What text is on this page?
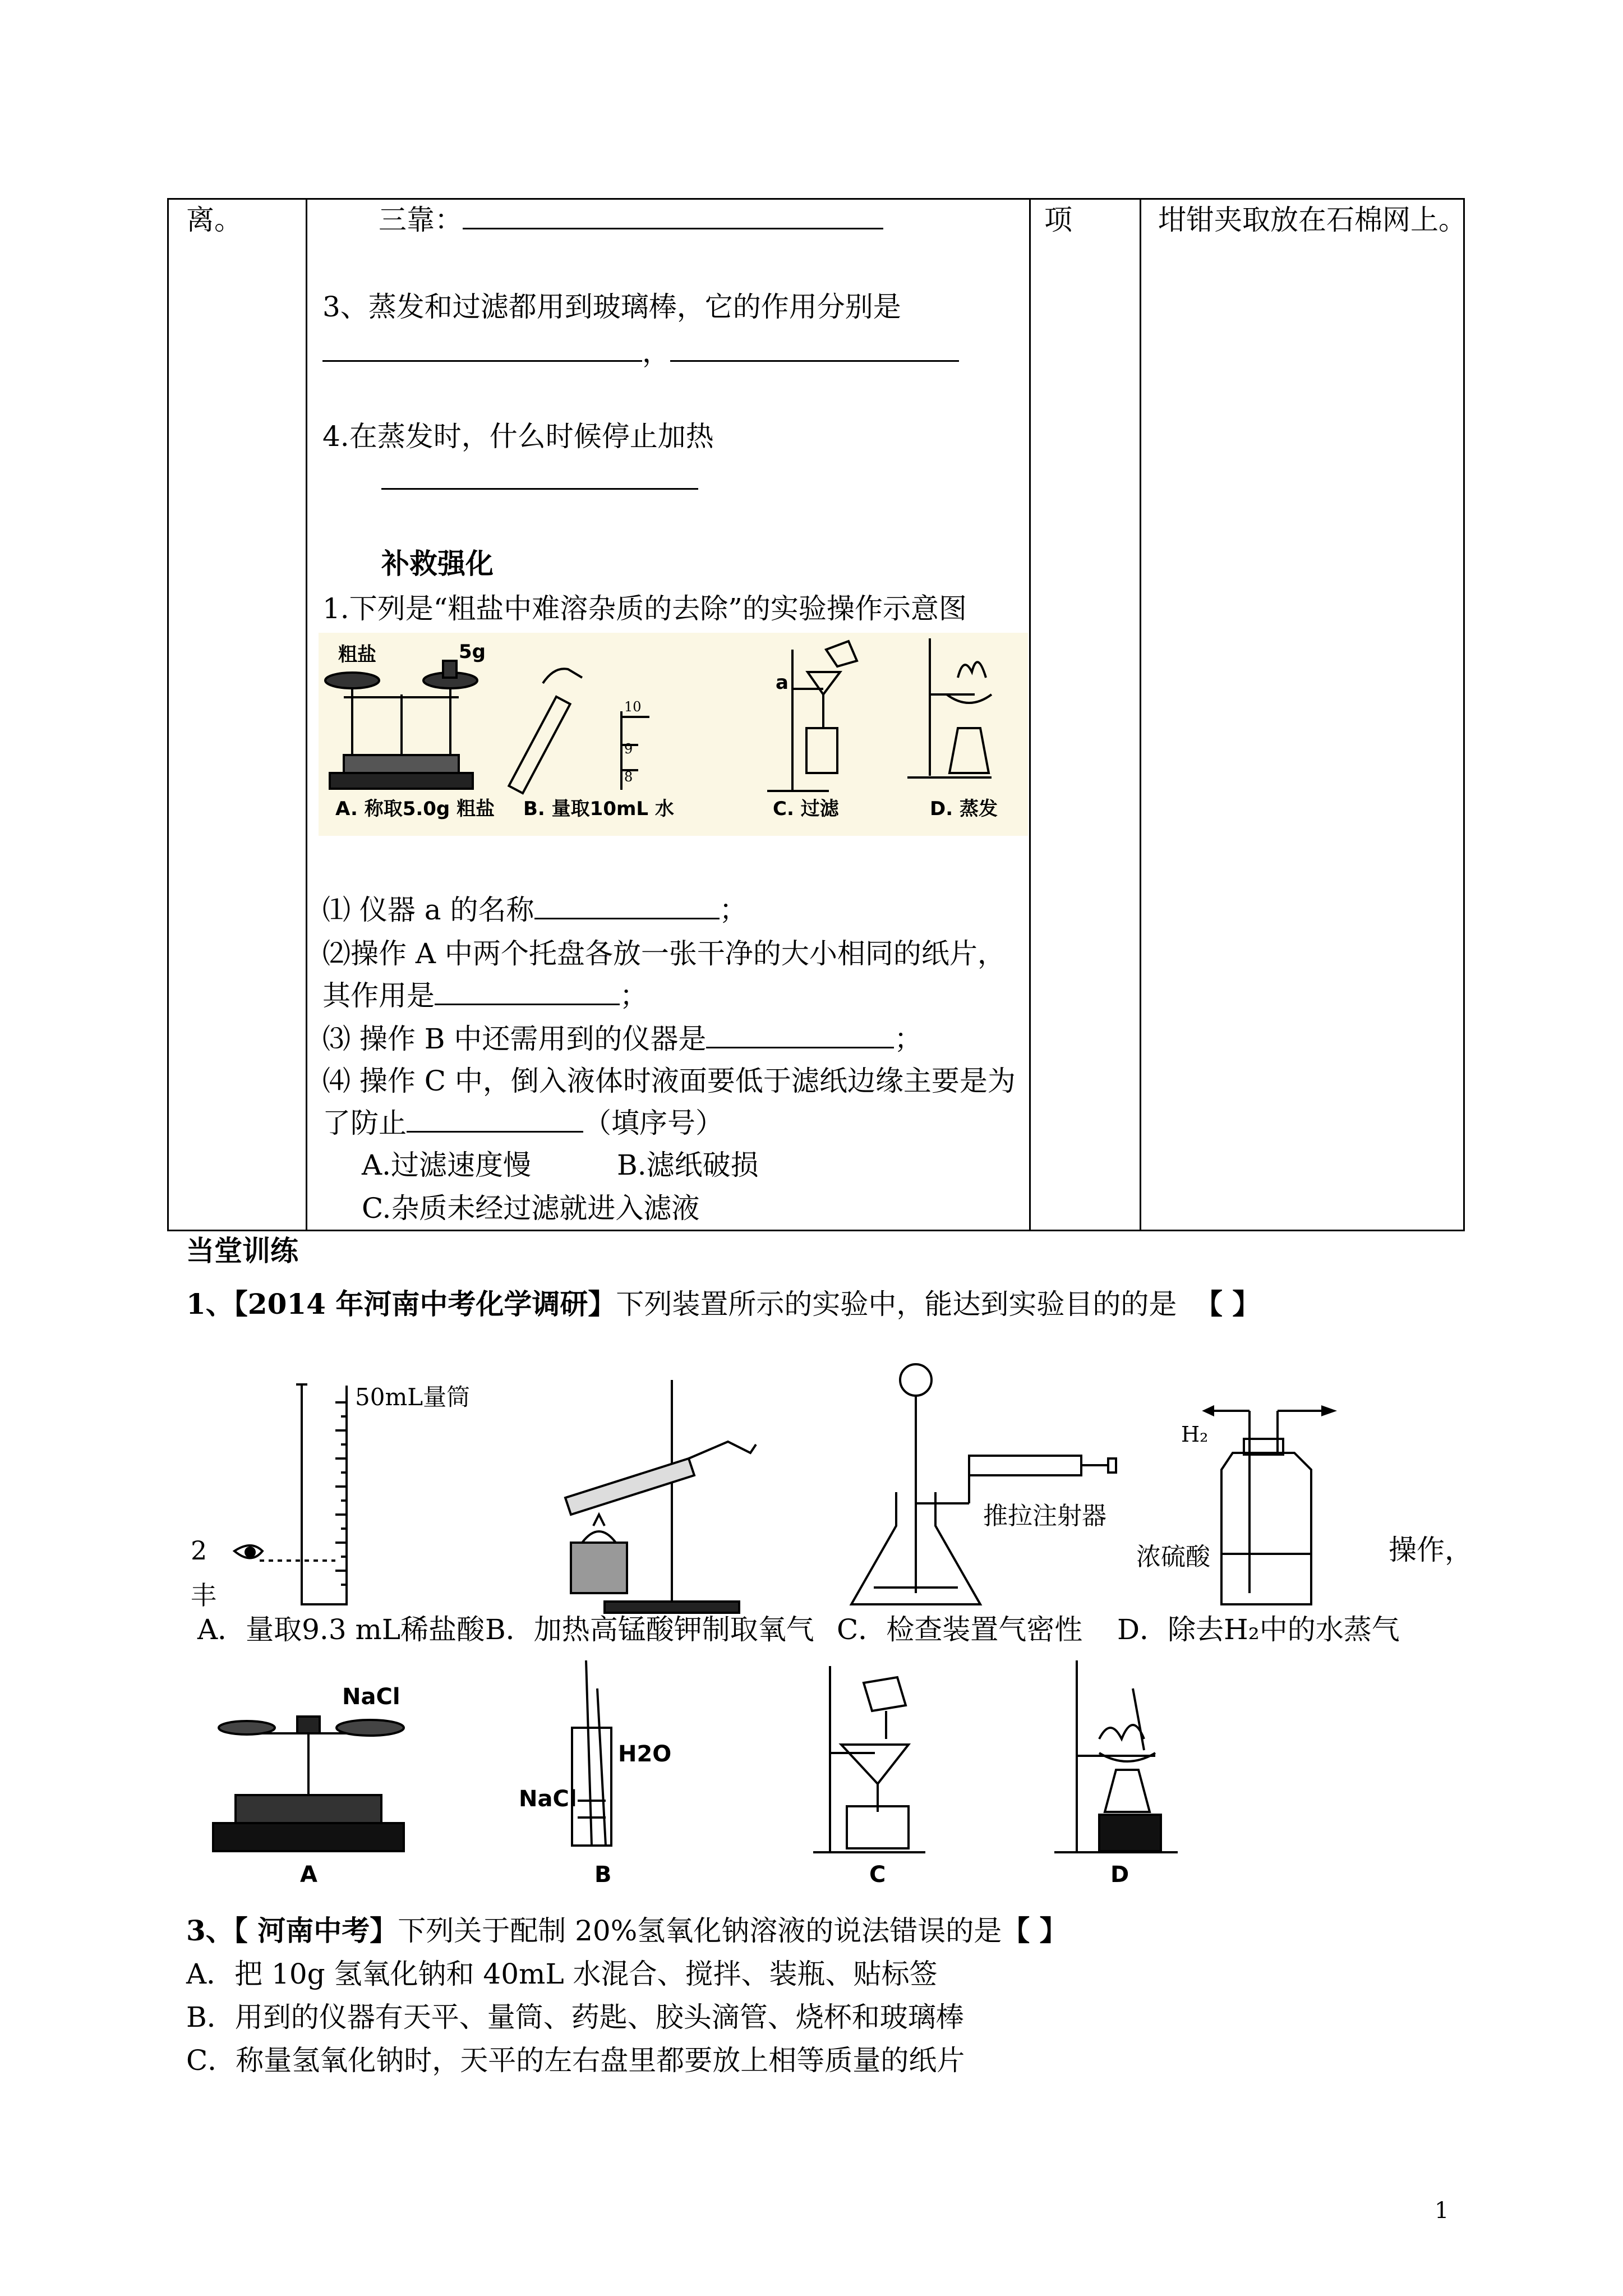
离。	三靠：
3、蒸发和过滤都用到玻璃棒，它的作用分别是
，
4.在蒸发时，什么时候停止加热
补救强化
1.下列是“粗盐中难溶杂质的去除”的实验操作示意图
粗盐	5g
A. 称取5.0g 粗盐
10
9
8
B. 量取10mL 水
a
C. 过滤	D. 蒸发
⑴ 仪器 a 的名称	；
⑵操作 A 中两个托盘各放一张干净的大小相同的纸片，
其作用是	；
⑶ 操作 B 中还需用到的仪器是	；
⑷ 操作 C 中，倒入液体时液面要低于滤纸边缘主要是为
了防止	（填序号）
A.过滤速度慢	B.滤纸破损
C.杂质未经过滤就进入滤液
项	坩钳夹取放在石棉网上。
当堂训练
1、【2014 年河南中考化学调研】下列装置所示的实验中，能达到实验目的的是 【 】
50mL量筒
推拉注射器
H₂
浓硫酸
2
丰
操作，
A．量取9.3 mL稀盐酸 B．加热高锰酸钾制取氧气 C．检查装置气密性 D．除去H₂中的水蒸气
NaCl
A
NaCl
H2O
B	C	D
3、【 河南中考】下列关于配制 20%氢氧化钠溶液的说法错误的是【 】
A．把 10g 氢氧化钠和 40mL 水混合、搅拌、装瓶、贴标签
B．用到的仪器有天平、量筒、药匙、胶头滴管、烧杯和玻璃棒
C．称量氢氧化钠时，天平的左右盘里都要放上相等质量的纸片
1
